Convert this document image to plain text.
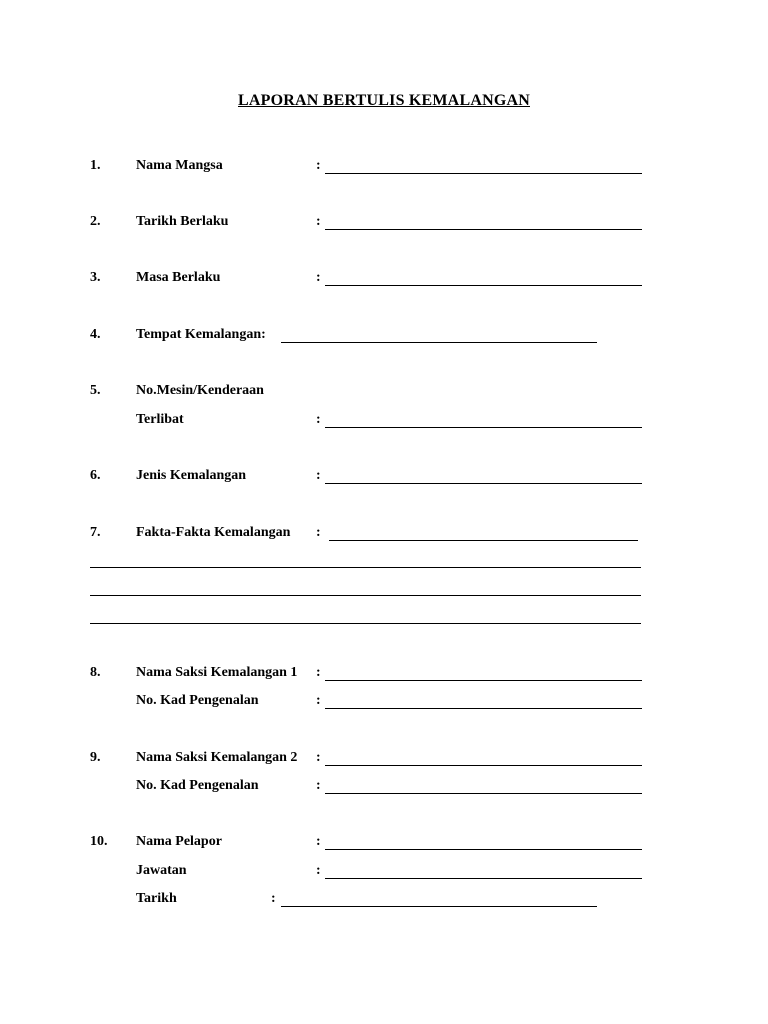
LAPORAN BERTULIS KEMALANGAN
1.	Nama Mangsa	:
2.	Tarikh Berlaku	:
3.	Masa Berlaku	:
4.	Tempat Kemalangan:
5.	No.Mesin/Kenderaan
Terlibat	:
6.	Jenis Kemalangan	:
7.	Fakta-Fakta Kemalangan :
8.	Nama Saksi Kemalangan 1 :
No. Kad Pengenalan	:
9.	Nama Saksi Kemalangan 2 :
No. Kad Pengenalan	:
10. Nama Pelapor	:
Jawatan	:
Tarikh	:
